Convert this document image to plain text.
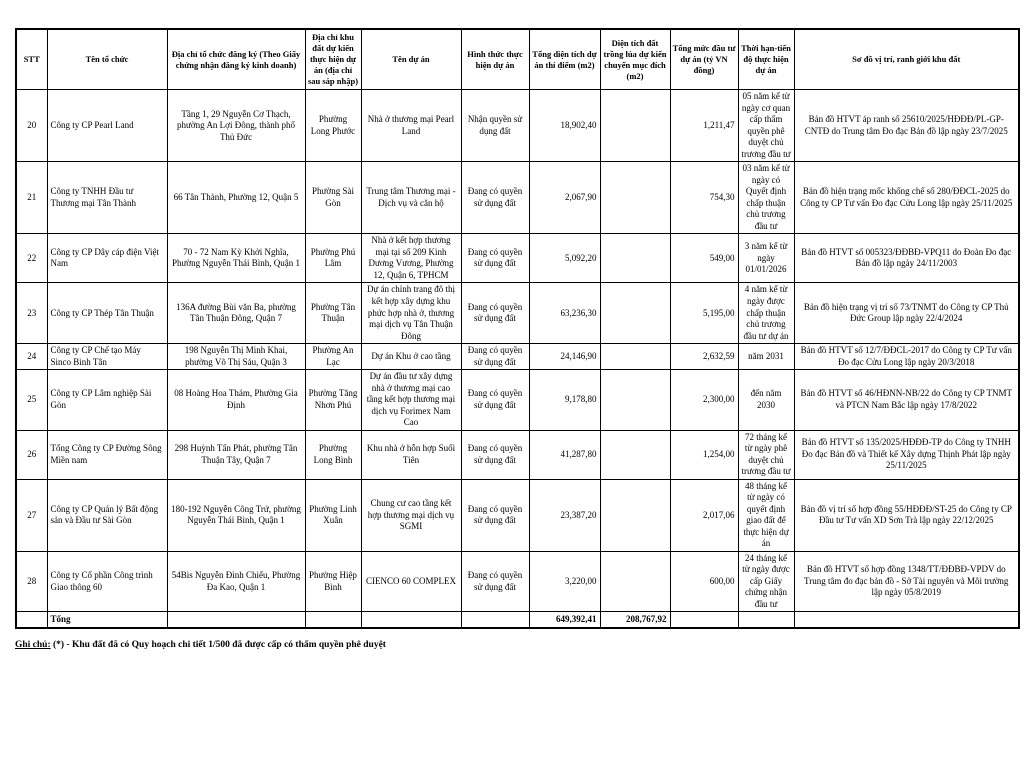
STT	Tên tổ chức	Địa chỉ tổ chức đăng ký (Theo Giấy chứng nhận đăng ký kinh doanh)	Địa chỉ khu đất dự kiến thực hiện dự án (địa chỉ sau sáp nhập)	Tên dự án	Hình thức thực hiện dự án	Tổng diện tích dự án thí điểm (m2)	Diện tích đất trồng lúa dự kiến chuyển mục đích (m2)	Tổng mức đầu tư dự án (tỷ VN đồng)	Thời hạn-tiến độ thực hiện dự án	Sơ đồ vị trí, ranh giới khu đất
20	Công ty CP Pearl Land	Tầng 1, 29 Nguyễn Cơ Thạch, phường An Lợi Đông, thành phố Thủ Đức	Phường Long Phước	Nhà ở thương mại Pearl Land	Nhận quyền sử dụng đất	18,902,40		1,211,47	05 năm kể từ ngày cơ quan cấp thẩm quyền phê duyệt chủ trương đầu tư	Bản đồ HTVT áp ranh số 25610/2025/HĐĐĐ/PL-GP-CNTĐ do Trung tâm Đo đạc Bản đồ lập ngày 23/7/2025
21	Công ty TNHH Đầu tư Thương mại Tân Thành	66 Tân Thành, Phường 12, Quận 5	Phường Sài Gòn	Trung tâm Thương mại - Dịch vụ và căn hộ	Đang có quyền sử dụng đất	2,067,90		754,30	03 năm kể từ ngày có Quyết định chấp thuận chủ trương đầu tư	Bản đồ hiện trạng mốc khống chế số 280/ĐĐCL-2025 do Công ty CP Tư vấn Đo đạc Cửu Long lập ngày 25/11/2025
22	Công ty CP Dây cáp điện Việt Nam	70 - 72 Nam Kỳ Khởi Nghĩa, Phường Nguyễn Thái Bình, Quận 1	Phường Phú Lâm	Nhà ở kết hợp thương mại tại số 209 Kinh Dương Vương, Phường 12, Quận 6, TPHCM	Đang có quyền sử dụng đất	5,092,20		549,00	3 năm kể từ ngày 01/01/2026	Bản đồ HTVT số 005323/ĐĐBĐ-VPQ11 do Đoàn Đo đạc Bản đồ lập ngày 24/11/2003
23	Công ty CP Thép Tân Thuận	136A đường Bùi văn Ba, phường Tân Thuận Đông, Quận 7	Phường Tân Thuận	Dự án chỉnh trang đô thị kết hợp xây dựng khu phức hợp nhà ở, thương mại dịch vụ Tân Thuận Đông	Đang có quyền sử dụng đất	63,236,30		5,195,00	4 năm kể từ ngày được chấp thuận chủ trương đầu tư dự án	Bản đồ hiện trạng vị trí số 73/TNMT do Công ty CP Thủ Đức Group lập ngày 22/4/2024
24	Công ty CP Chế tạo Máy Sinco Bình Tân	198 Nguyễn Thị Minh Khai, phường Võ Thị Sáu, Quận 3	Phường An Lạc	Dự án Khu ở cao tầng	Đang có quyền sử dụng đất	24,146,90		2,632,59	năm 2031	Bản đồ HTVT số 12/7/ĐĐCL-2017 do Công ty CP Tư vấn Đo đạc Cửu Long lập ngày 20/3/2018
25	Công ty CP Lâm nghiệp Sài Gòn	08 Hoàng Hoa Thám, Phường Gia Định	Phường Tăng Nhơn Phú	Dự án đầu tư xây dựng nhà ở thương mại cao tầng kết hợp thương mại dịch vụ Forimex Nam Cao	Đang có quyền sử dụng đất	9,178,80		2,300,00	đến năm 2030	Bản đồ HTVT số 46/HĐNN-NB/22 do Công ty CP TNMT và PTCN Nam Bắc lập ngày 17/8/2022
26	Tổng Công ty CP Đường Sông Miền nam	298 Huỳnh Tấn Phát, phường Tân Thuận Tây, Quận 7	Phường Long Bình	Khu nhà ở hỗn hợp Suối Tiên	Đang có quyền sử dụng đất	41,287,80		1,254,00	72 tháng kể từ ngày phê duyệt chủ trương đầu tư	Bản đồ HTVT số 135/2025/HĐĐĐ-TP do Công ty TNHH Đo đạc Bản đồ và Thiết kế Xây dựng Thịnh Phát lập ngày 25/11/2025
27	Công ty CP Quản lý Bất động sản và Đầu tư Sài Gòn	180-192 Nguyễn Công Trứ, phường Nguyễn Thái Bình, Quận 1	Phường Linh Xuân	Chung cư cao tầng kết hợp thương mại dịch vụ SGMI	Đang có quyền sử dụng đất	23,387,20		2,017,06	48 tháng kể từ ngày có quyết định giao đất để thực hiện dự án	Bản đồ vị trí số hợp đồng 55/HĐĐĐ/ST-25 do Công ty CP Đầu tư Tư vấn XD Sơn Trà lập ngày 22/12/2025
28	Công ty Cổ phần Công trình Giao thông 60	54Bis Nguyễn Đình Chiểu, Phường Đa Kao, Quận 1	Phường Hiệp Bình	CIENCO 60 COMPLEX	Đang có quyền sử dụng đất	3,220,00		600,00	24 tháng kể từ ngày được cấp Giấy chứng nhận đầu tư	Bản đồ HTVT số hợp đồng 1348/TT/ĐĐBĐ-VPDV do Trung tâm đo đạc bản đồ - Sở Tài nguyên và Môi trường lập ngày 05/8/2019
	Tổng					649,392,41	208,767,92			
Ghi chú: (*) - Khu đất đã có Quy hoạch chi tiết 1/500 đã được cấp có thẩm quyền phê duyệt
